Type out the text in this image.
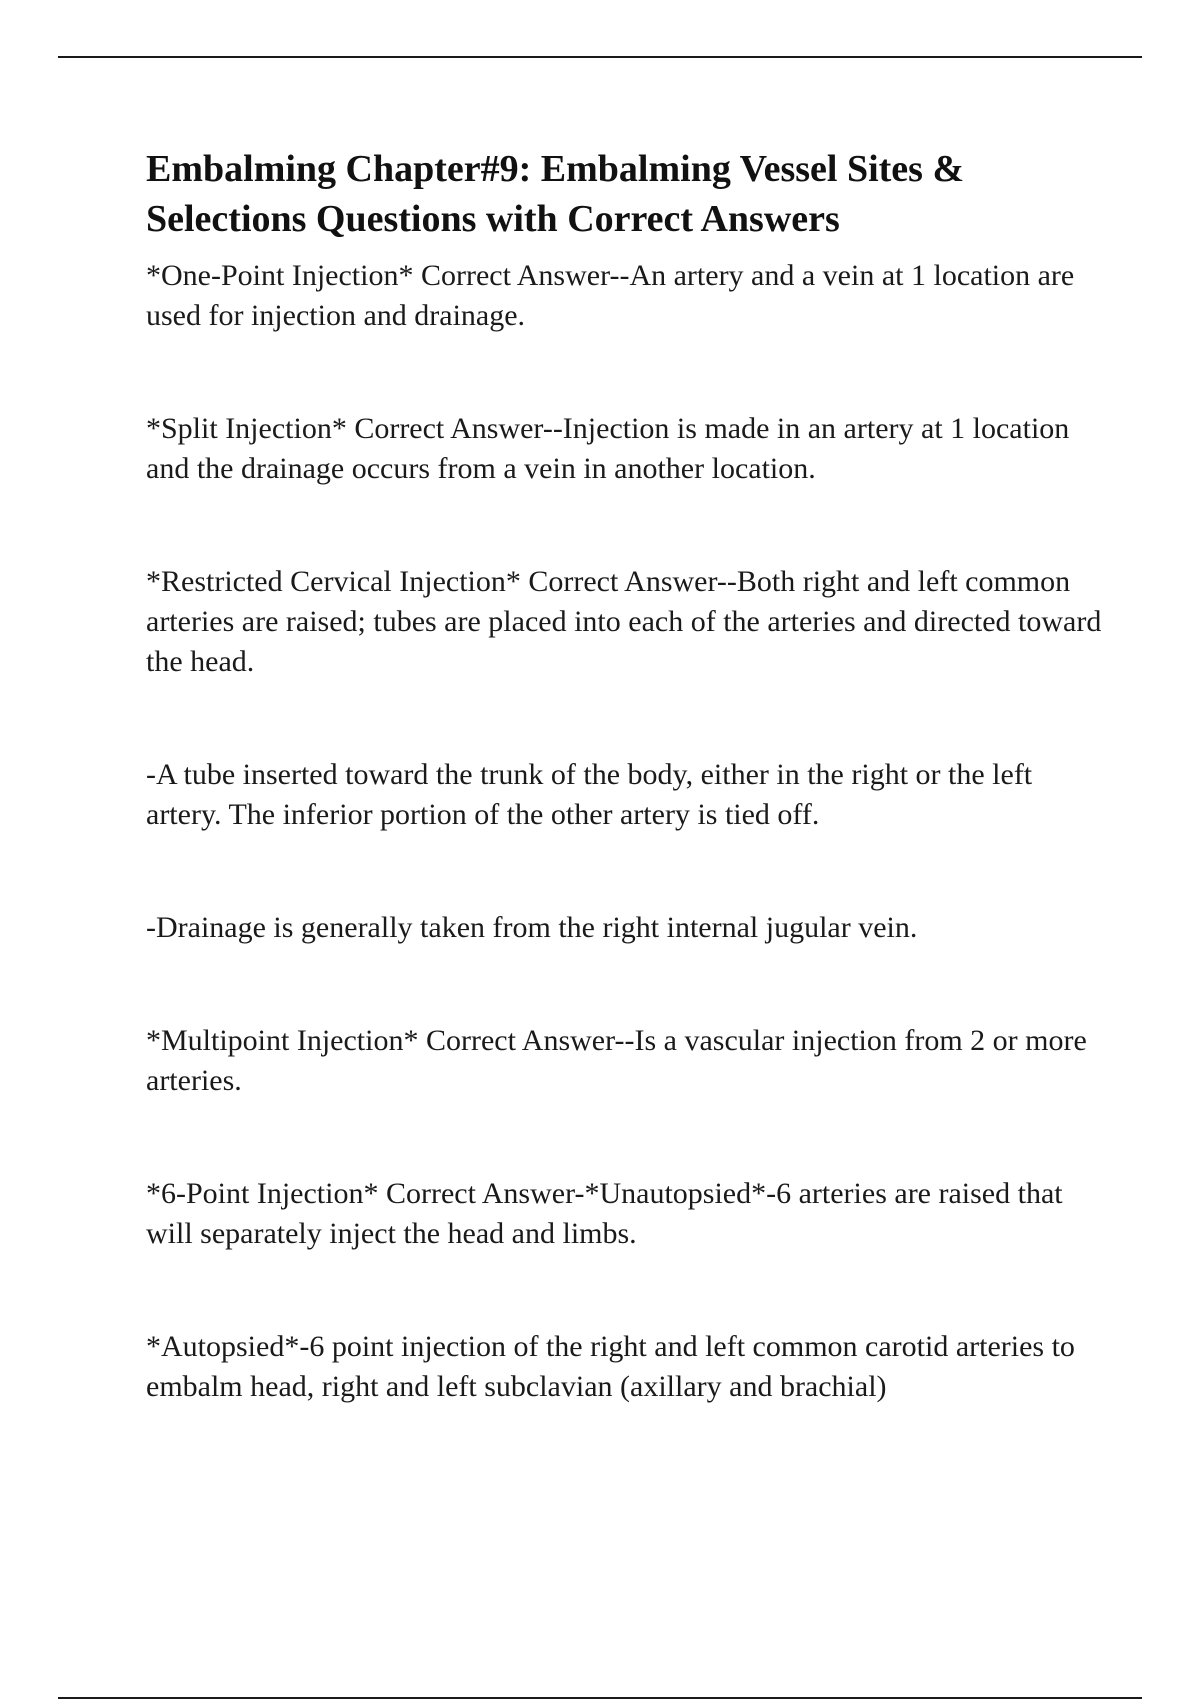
Embalming Chapter#9: Embalming Vessel Sites & Selections Questions with Correct Answers

*One-Point Injection* Correct Answer--An artery and a vein at 1 location are used for injection and drainage.

*Split Injection* Correct Answer--Injection is made in an artery at 1 location and the drainage occurs from a vein in another location.

*Restricted Cervical Injection* Correct Answer--Both right and left common arteries are raised; tubes are placed into each of the arteries and directed toward the head.

-A tube inserted toward the trunk of the body, either in the right or the left artery. The inferior portion of the other artery is tied off.

-Drainage is generally taken from the right internal jugular vein.

*Multipoint Injection* Correct Answer--Is a vascular injection from 2 or more arteries.

*6-Point Injection* Correct Answer-*Unautopsied*-6 arteries are raised that will separately inject the head and limbs.

*Autopsied*-6 point injection of the right and left common carotid arteries to embalm head, right and left subclavian (axillary and brachial)
